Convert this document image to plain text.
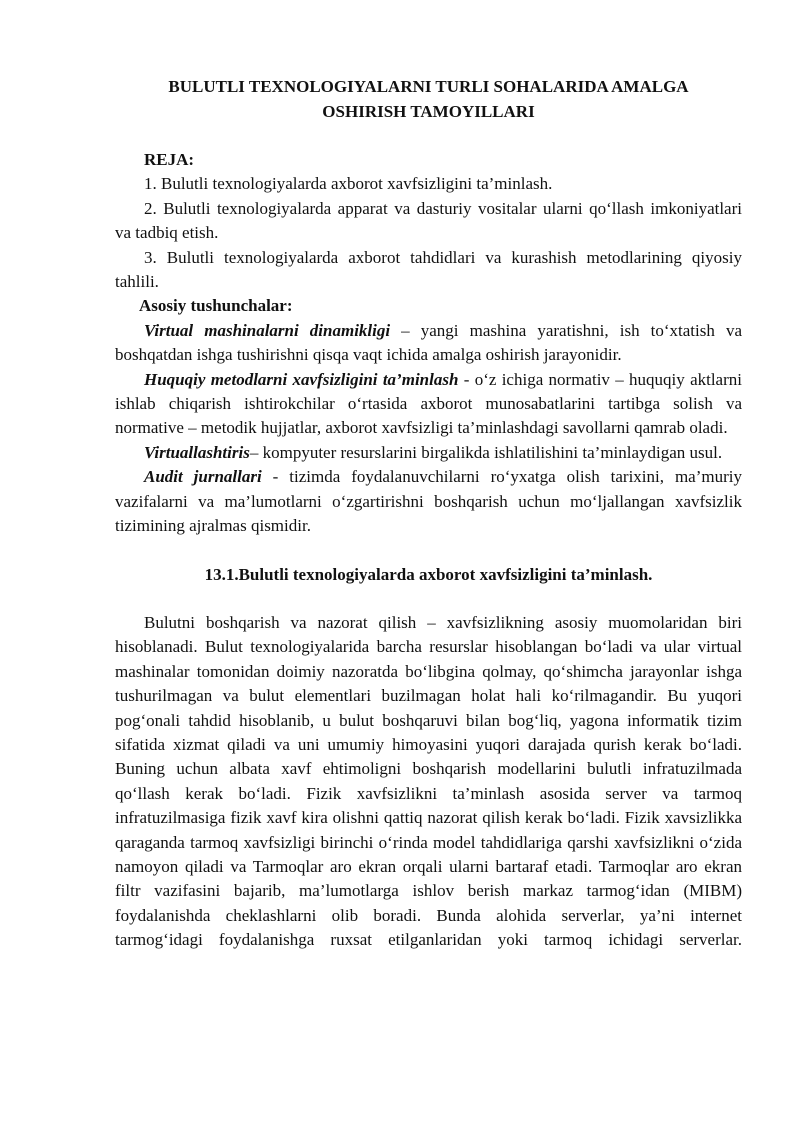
BULUTLI TEXNOLOGIYALARNI TURLI SOHALARIDA AMALGA
OSHIRISH TAMOYILLARI

REJA:

1. Bulutli texnologiyalarda axborot xavfsizligini ta’minlash.

2. Bulutli texnologiyalarda apparat va dasturiy vositalar ularni qo‘llash imkoniyatlari va tadbiq etish.

3. Bulutli texnologiyalarda axborot tahdidlari va kurashish metodlarining qiyosiy tahlili.

Asosiy tushunchalar:

Virtual mashinalarni dinamikligi – yangi mashina yaratishni, ish to‘xtatish va boshqatdan ishga tushirishni qisqa vaqt ichida amalga oshirish jarayonidir.

Huquqiy metodlarni xavfsizligini ta’minlash - o‘z ichiga normativ – huquqiy aktlarni ishlab chiqarish ishtirokchilar o‘rtasida axborot munosabatlarini tartibga solish va normative – metodik hujjatlar, axborot xavfsizligi ta’minlashdagi savollarni qamrab oladi.

Virtuallashtiris– kompyuter resurslarini birgalikda ishlatilishini ta’minlaydigan usul.

Audit jurnallari - tizimda foydalanuvchilarni ro‘yxatga olish tarixini, ma’muriy vazifalarni va ma’lumotlarni o‘zgartirishni boshqarish uchun mo‘ljallangan xavfsizlik tizimining ajralmas qismidir.

13.1.Bulutli texnologiyalarda axborot xavfsizligini ta’minlash.

Bulutni boshqarish va nazorat qilish – xavfsizlikning asosiy muomolaridan biri hisoblanadi. Bulut texnologiyalarida barcha resurslar hisoblangan bo‘ladi va ular virtual mashinalar tomonidan doimiy nazoratda bo‘libgina qolmay, qo‘shimcha jarayonlar ishga tushurilmagan va bulut elementlari buzilmagan holat hali ko‘rilmagandir. Bu yuqori pog‘onali tahdid hisoblanib, u bulut boshqaruvi bilan bog‘liq, yagona informatik tizim sifatida xizmat qiladi va uni umumiy himoyasini yuqori darajada qurish kerak bo‘ladi. Buning uchun albata xavf ehtimoligni boshqarish modellarini bulutli infratuzilmada qo‘llash kerak bo‘ladi. Fizik xavfsizlikni ta’minlash asosida server va tarmoq infratuzilmasiga fizik xavf kira olishni qattiq nazorat qilish kerak bo‘ladi. Fizik xavsizlikka qaraganda tarmoq xavfsizligi birinchi o‘rinda model tahdidlariga qarshi xavfsizlikni o‘zida namoyon qiladi va Tarmoqlar aro ekran orqali ularni bartaraf etadi. Tarmoqlar aro ekran filtr vazifasini bajarib, ma’lumotlarga ishlov berish markaz tarmog‘idan (MIBM) foydalanishda cheklashlarni olib boradi. Bunda alohida serverlar, ya’ni internet tarmog‘idagi foydalanishga ruxsat etilganlaridan yoki tarmoq ichidagi serverlar.
